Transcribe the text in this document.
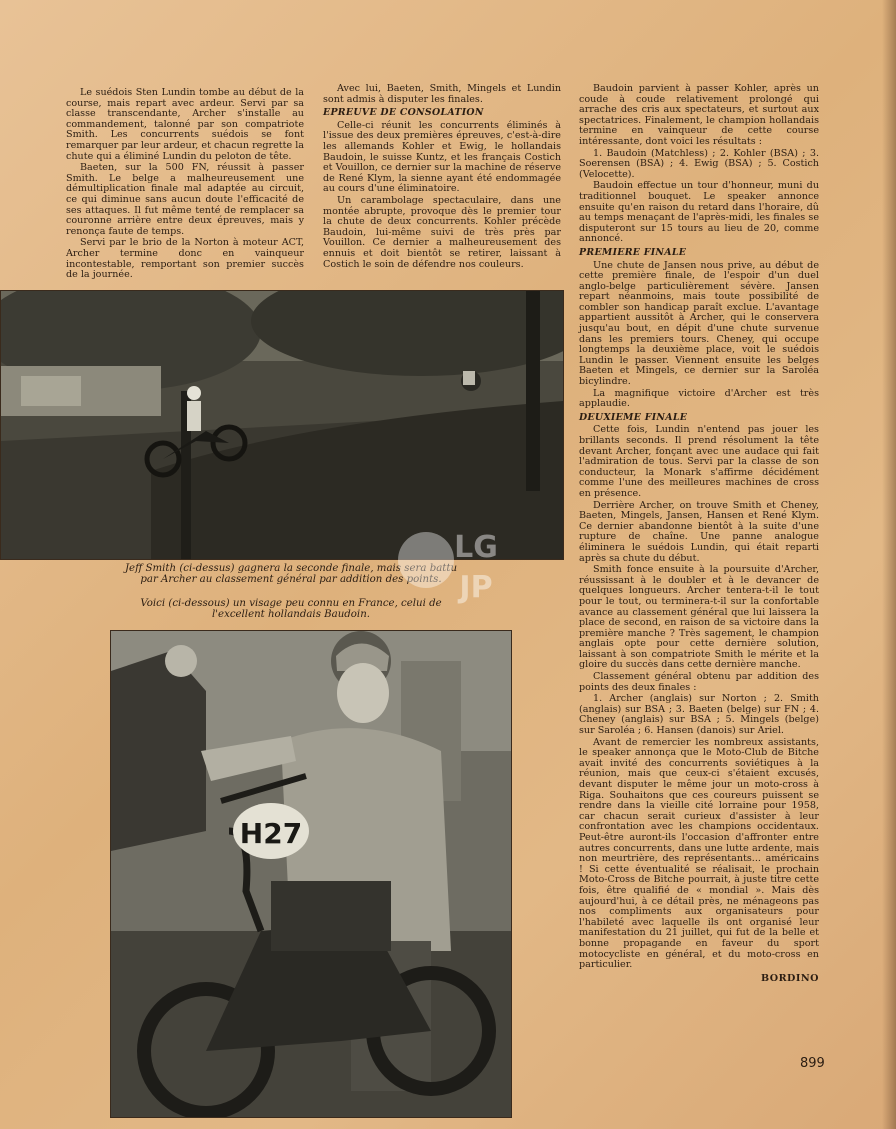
Le suédois Sten Lundin tombe au début de la course, mais repart avec ardeur. Servi par sa classe transcendante, Archer s'installe au commandement, talonné par son compatriote Smith. Les concurrents suédois se font remarquer par leur ardeur, et chacun regrette la chute qui a éliminé Lundin du peloton de tête.

Baeten, sur la 500 FN, réussit à passer Smith. Le belge a malheureusement une démultiplication finale mal adaptée au circuit, ce qui diminue sans aucun doute l'efficacité de ses attaques. Il fut même tenté de remplacer sa couronne arrière entre deux épreuves, mais y renonça faute de temps.

Servi par le brio de la Norton à moteur ACT, Archer termine donc en vainqueur incontestable, remportant son premier succès de la journée.

Avec lui, Baeten, Smith, Mingels et Lundin sont admis à disputer les finales.

EPREUVE DE CONSOLATION

Celle-ci réunit les concurrents éliminés à l'issue des deux premières épreuves, c'est-à-dire les allemands Kohler et Ewig, le hollandais Baudoin, le suisse Kuntz, et les français Costich et Vouillon, ce dernier sur la machine de réserve de René Klym, la sienne ayant été endommagée au cours d'une éliminatoire.

Un carambolage spectaculaire, dans une montée abrupte, provoque dès le premier tour la chute de deux concurrents. Kohler précède Baudoin, lui-même suivi de très près par Vouillon. Ce dernier a malheureusement des ennuis et doit bientôt se retirer, laissant à Costich le soin de défendre nos couleurs.

Baudoin parvient à passer Kohler, après un coude à coude relativement prolongé qui arrache des cris aux spectateurs, et surtout aux spectatrices. Finalement, le champion hollandais termine en vainqueur de cette course intéressante, dont voici les résultats :

1. Baudoin (Matchless) ; 2. Kohler (BSA) ; 3. Soerensen (BSA) ; 4. Ewig (BSA) ; 5. Costich (Velocette).

Baudoin effectue un tour d'honneur, muni du traditionnel bouquet. Le speaker annonce ensuite qu'en raison du retard dans l'horaire, dû au temps menaçant de l'après-midi, les finales se disputeront sur 15 tours au lieu de 20, comme annoncé.

PREMIERE FINALE

Une chute de Jansen nous prive, au début de cette première finale, de l'espoir d'un duel anglo-belge particulièrement sévère. Jansen repart néanmoins, mais toute possibilité de combler son handicap paraît exclue. L'avantage appartient aussitôt à Archer, qui le conservera jusqu'au bout, en dépit d'une chute survenue dans les premiers tours. Cheney, qui occupe longtemps la deuxième place, voit le suédois Lundin le passer. Viennent ensuite les belges Baeten et Mingels, ce dernier sur la Saroléa bicylindre.

La magnifique victoire d'Archer est très applaudie.

DEUXIEME FINALE

Cette fois, Lundin n'entend pas jouer les brillants seconds. Il prend résolument la tête devant Archer, fonçant avec une audace qui fait l'admiration de tous. Servi par la classe de son conducteur, la Monark s'affirme décidément comme l'une des meilleures machines de cross en présence.

Derrière Archer, on trouve Smith et Cheney, Baeten, Mingels, Jansen, Hansen et René Klym. Ce dernier abandonne bientôt à la suite d'une rupture de chaîne. Une panne analogue éliminera le suédois Lundin, qui était reparti après sa chute du début.

Smith fonce ensuite à la poursuite d'Archer, réussissant à le doubler et à le devancer de quelques longueurs. Archer tentera-t-il le tout pour le tout, ou terminera-t-il sur la confortable avance au classement général que lui laissera la place de second, en raison de sa victoire dans la première manche ? Très sagement, le champion anglais opte pour cette dernière solution, laissant à son compatriote Smith le mérite et la gloire du succès dans cette dernière manche.

Classement général obtenu par addition des points des deux finales :

1. Archer (anglais) sur Norton ; 2. Smith (anglais) sur BSA ; 3. Baeten (belge) sur FN ; 4. Cheney (anglais) sur BSA ; 5. Mingels (belge) sur Saroléa ; 6. Hansen (danois) sur Ariel.

Avant de remercier les nombreux assistants, le speaker annonça que le Moto-Club de Bitche avait invité des concurrents soviétiques à la réunion, mais que ceux-ci s'étaient excusés, devant disputer le même jour un moto-cross à Riga. Souhaitons que ces coureurs puissent se rendre dans la vieille cité lorraine pour 1958, car chacun serait curieux d'assister à leur confrontation avec les champions occidentaux. Peut-être auront-ils l'occasion d'affronter entre autres concurrents, dans une lutte ardente, mais non meurtrière, des représentants... américains ! Si cette éventualité se réalisait, le prochain Moto-Cross de Bitche pourrait, à juste titre cette fois, être qualifié de « mondial ». Mais dès aujourd'hui, à ce détail près, ne ménageons pas nos compliments aux organisateurs pour l'habileté avec laquelle ils ont organisé leur manifestation du 21 juillet, qui fut de la belle et bonne propagande en faveur du sport motocycliste en général, et du moto-cross en particulier.

BORDINO
Jeff Smith (ci-dessus) gagnera la seconde finale, mais sera battu par Archer au classement général par addition des points.
Voici (ci-dessous) un visage peu connu en France, celui de l'excellent hollandais Baudoin.
H27
LG
JP
899
